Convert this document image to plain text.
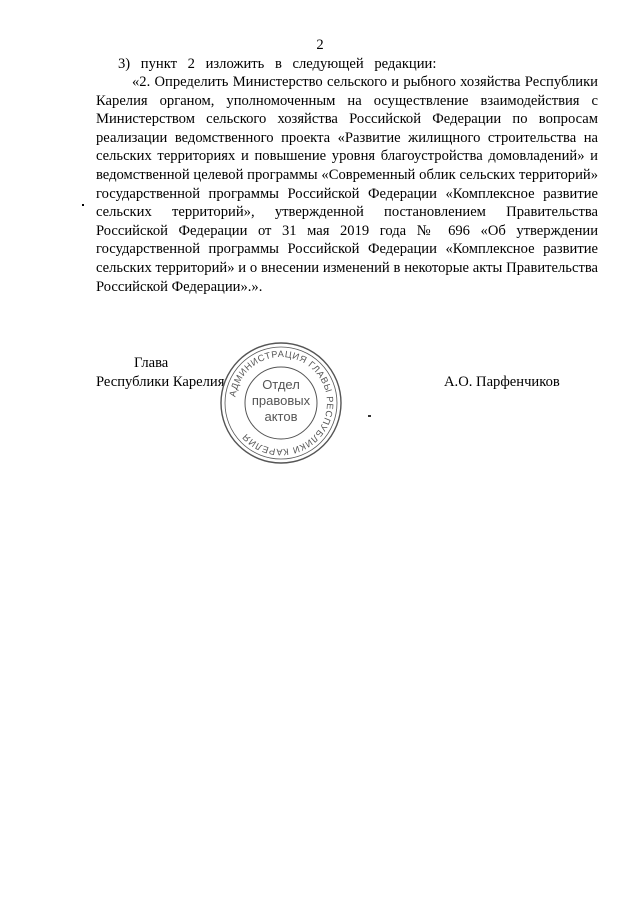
2
3) пункт 2 изложить в следующей редакции:
«2. Определить Министерство сельского и рыбного хозяйства Республики Карелия органом, уполномоченным на осуществление взаимодействия с Министерством сельского хозяйства Российской Федерации по вопросам реализации ведомственного проекта «Развитие жилищного строительства на сельских территориях и повышение уровня благоустройства домовладений» и ведомственной целевой программы «Современный облик сельских территорий» государственной программы Российской Федерации «Комплексное развитие сельских территорий», утвержденной постановлением Правительства Российской Федерации от 31 мая 2019 года № 696 «Об утверждении государственной программы Российской Федерации «Комплексное развитие сельских территорий» и о внесении изменений в некоторые акты Правительства Российской Федерации».».
Глава
Республики Карелия	А.О. Парфенчиков
АДМИНИСТРАЦИЯ ГЛАВЫ РЕСПУБЛИКИ КАРЕЛИЯ
Отдел
правовых
актов
